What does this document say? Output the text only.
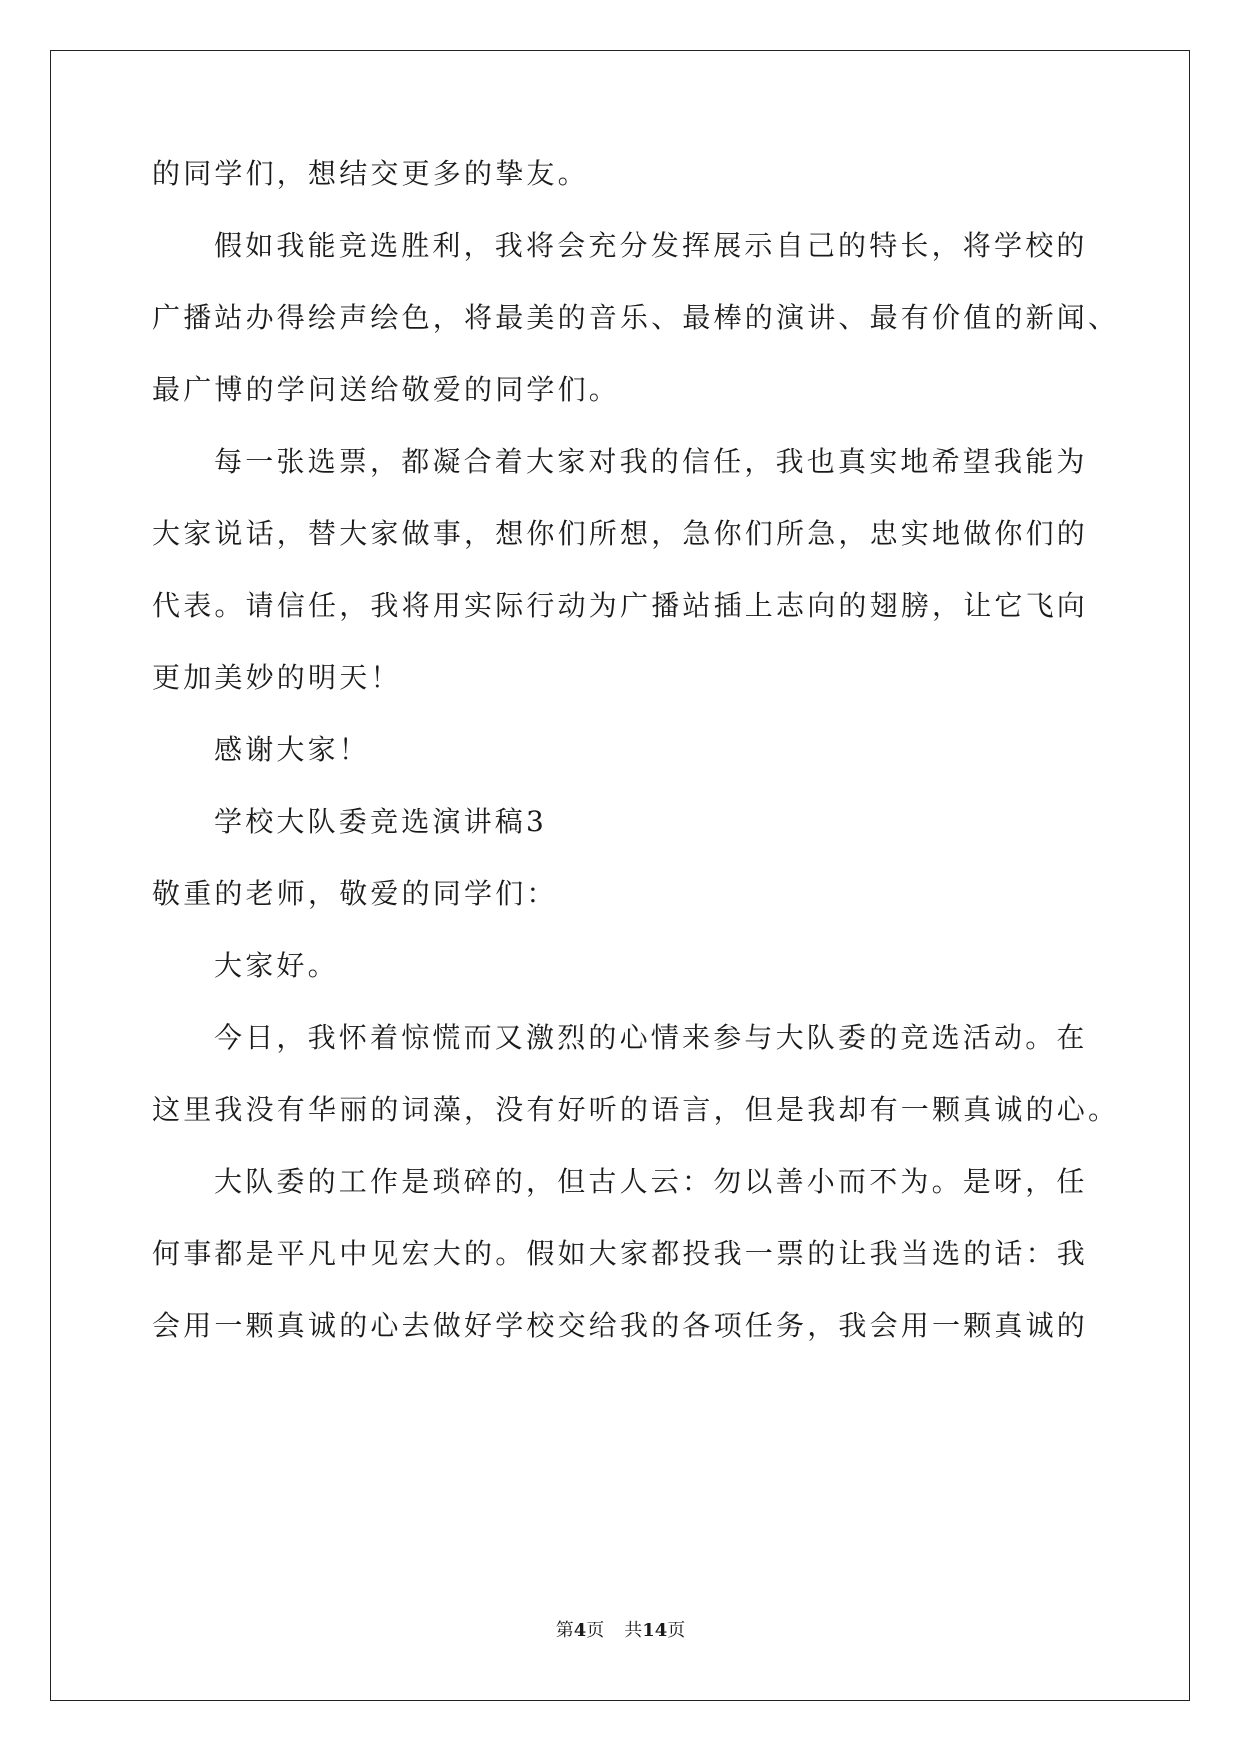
的同学们，想结交更多的挚友。
假如我能竞选胜利，我将会充分发挥展示自己的特长，将学校的
广播站办得绘声绘色，将最美的音乐、最棒的演讲、最有价值的新闻、
最广博的学问送给敬爱的同学们。
每一张选票，都凝合着大家对我的信任，我也真实地希望我能为
大家说话，替大家做事，想你们所想，急你们所急，忠实地做你们的
代表。请信任，我将用实际行动为广播站插上志向的翅膀，让它飞向
更加美妙的明天！
感谢大家！
学校大队委竞选演讲稿3
敬重的老师，敬爱的同学们：
大家好。
今日，我怀着惊慌而又激烈的心情来参与大队委的竞选活动。在
这里我没有华丽的词藻，没有好听的语言，但是我却有一颗真诚的心。
大队委的工作是琐碎的，但古人云：勿以善小而不为。是呀，任
何事都是平凡中见宏大的。假如大家都投我一票的让我当选的话：我
会用一颗真诚的心去做好学校交给我的各项任务，我会用一颗真诚的
第4页 共14页
